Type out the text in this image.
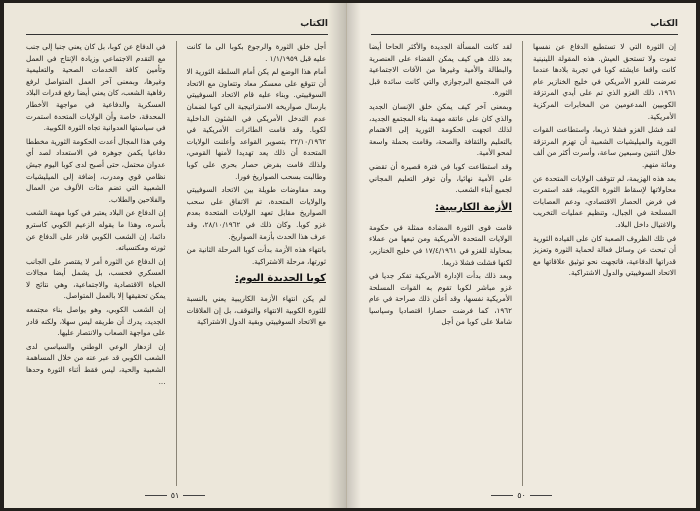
الكتاب

أجل خلق الثورة والرجوع بكوبا الى ما كانت عليه قبل ١/١/١٩٥٩ .

أمام هذا الوضع لم يكن أمام السلطة الثورية الا أن تتوقع على معسكر معاد وتتعاون مع الاتحاد السوفييتي. وبناء عليه قام الاتحاد السوفييتي بارسال صواريخه الاستراتيجية الى كوبا لضمان عدم التدخل الأمريكي في الشئون الداخلية لكوبا. وقد قامت الطائرات الأمريكية في ٢٢/١٠/١٩٦٢ بتصوير القواعد وأعلنت الولايات المتحدة أن ذلك يعد تهديدا لأمنها القومي، ولذلك قامت بفرض حصار بحري على كوبا وطالبت بسحب الصواريخ فورا.

وبعد مفاوضات طويلة بين الاتحاد السوفييتي والولايات المتحدة، تم الاتفاق على سحب الصواريخ مقابل تعهد الولايات المتحدة بعدم غزو كوبا. وكان ذلك في ٢٨/١٠/١٩٦٢، وقد عرف هذا الحدث بأزمة الصواريخ.

بانتهاء هذه الأزمة بدأت كوبا المرحلة الثانية من ثورتها، مرحلة الاشتراكية.

كوبا الجديدة اليوم:

لم يكن انتهاء الأزمة الكاريبية يعني بالنسبة للثورة الكوبية الانتهاء والتوقف، بل إن العلاقات مع الاتحاد السوفييتي وبقية الدول الاشتراكية

في الدفاع عن كوبا، بل كان يعني جنبا إلى جنب مع التقدم الاجتماعي وزيادة الإنتاج في العمل وتأمين كافة الخدمات الصحية والتعليمية وغيرها، وبمعنى آخر العمل المتواصل لرفع رفاهية الشعب، كان يعني أيضا رفع قدرات البلاد العسكرية والدفاعية في مواجهة الأخطار المحدقة، خاصة وأن الولايات المتحدة استمرت في سياستها العدوانية تجاه الثورة الكوبية.

وفي هذا المجال أعدت الحكومة الثورية مخططا دفاعيا يكمن جوهره في الاستعداد لصد أي عدوان محتمل، حتى أصبح لدى كوبا اليوم جيش نظامي قوي ومدرب، إضافة إلى الميليشيات الشعبية التي تضم مئات الألوف من العمال والفلاحين والطلاب.

إن الدفاع عن البلاد يعتبر في كوبا مهمة الشعب بأسره، وهذا ما يقوله الزعيم الكوبي كاسترو دائما، إن الشعب الكوبي قادر على الدفاع عن ثورته ومكتسباته.

إن الدفاع عن الثورة أمر لا يقتصر على الجانب العسكري فحسب، بل يشمل أيضا مجالات الحياة الاقتصادية والاجتماعية، وهي نتائج لا يمكن تحقيقها إلا بالعمل المتواصل.

إن الشعب الكوبي، وهو يواصل بناء مجتمعه الجديد، يدرك أن طريقه ليس سهلا، ولكنه قادر على مواجهة الصعاب والانتصار عليها.

إن ازدهار الوعي الوطني والسياسي لدى الشعب الكوبي قد عبر عنه من خلال المساهمة الشعبية والحية، ليس فقط أثناء الثورة وحدها ...

٥١
الكتاب

إن الثورة التي لا تستطيع الدفاع عن نفسها تموت ولا تستحق العيش. هذه المقولة اللينينية كانت واقعا عايشته كوبا في تجربة بلادها عندما تعرضت للغزو الأمريكي في خليج الخنازير عام ١٩٦١، ذلك الغزو الذي تم على أيدي المرتزقة الكوبيين المدعومين من المخابرات المركزية الأمريكية.

لقد فشل الغزو فشلا ذريعا، واستطاعت القوات الثورية والميليشيات الشعبية أن تهزم المرتزقة خلال اثنتين وسبعين ساعة، وأسرت أكثر من ألف ومائة منهم.

بعد هذه الهزيمة، لم تتوقف الولايات المتحدة عن محاولاتها لإسقاط الثورة الكوبية، فقد استمرت في فرض الحصار الاقتصادي، ودعم العصابات المسلحة في الجبال، وتنظيم عمليات التخريب والاغتيال داخل البلاد.

في تلك الظروف الصعبة كان على القيادة الثورية أن تبحث عن وسائل فعالة لحماية الثورة وتعزيز قدراتها الدفاعية، فاتجهت نحو توثيق علاقاتها مع الاتحاد السوفييتي والدول الاشتراكية.

لقد كانت المسألة الجديدة والأكثر الحاحا أيضا بعد ذلك هي كيف يمكن القضاء على العنصرية والبطالة والأمية وغيرها من الآفات الاجتماعية في المجتمع البرجوازي والتي كانت سائدة قبل الثورة.

وبمعنى آخر كيف يمكن خلق الإنسان الجديد والذي كان على عاتقه مهمة بناء المجتمع الجديد، لذلك اتجهت الحكومة الثورية إلى الاهتمام بالتعليم والثقافة والصحة، وقامت بحملة واسعة لمحو الأمية.

وقد استطاعت كوبا في فترة قصيرة أن تقضي على الأمية نهائيا، وأن توفر التعليم المجاني لجميع أبناء الشعب.

الأزمة الكاريبية:

قامت قوى الثورة المضادة ممثلة في حكومة الولايات المتحدة الأمريكية ومن تبعها من عملاء بمحاولة للغزو في ١٧/٤/١٩٦١ في خليج الخنازير، لكنها فشلت فشلا ذريعا.

وبعد ذلك بدأت الإدارة الأمريكية تفكر جديا في غزو مباشر لكوبا تقوم به القوات المسلحة الأمريكية نفسها، وقد أعلن ذلك صراحة في عام ١٩٦٢، كما فرضت حصارا اقتصاديا وسياسيا شاملا على كوبا من أجل

٥٠
